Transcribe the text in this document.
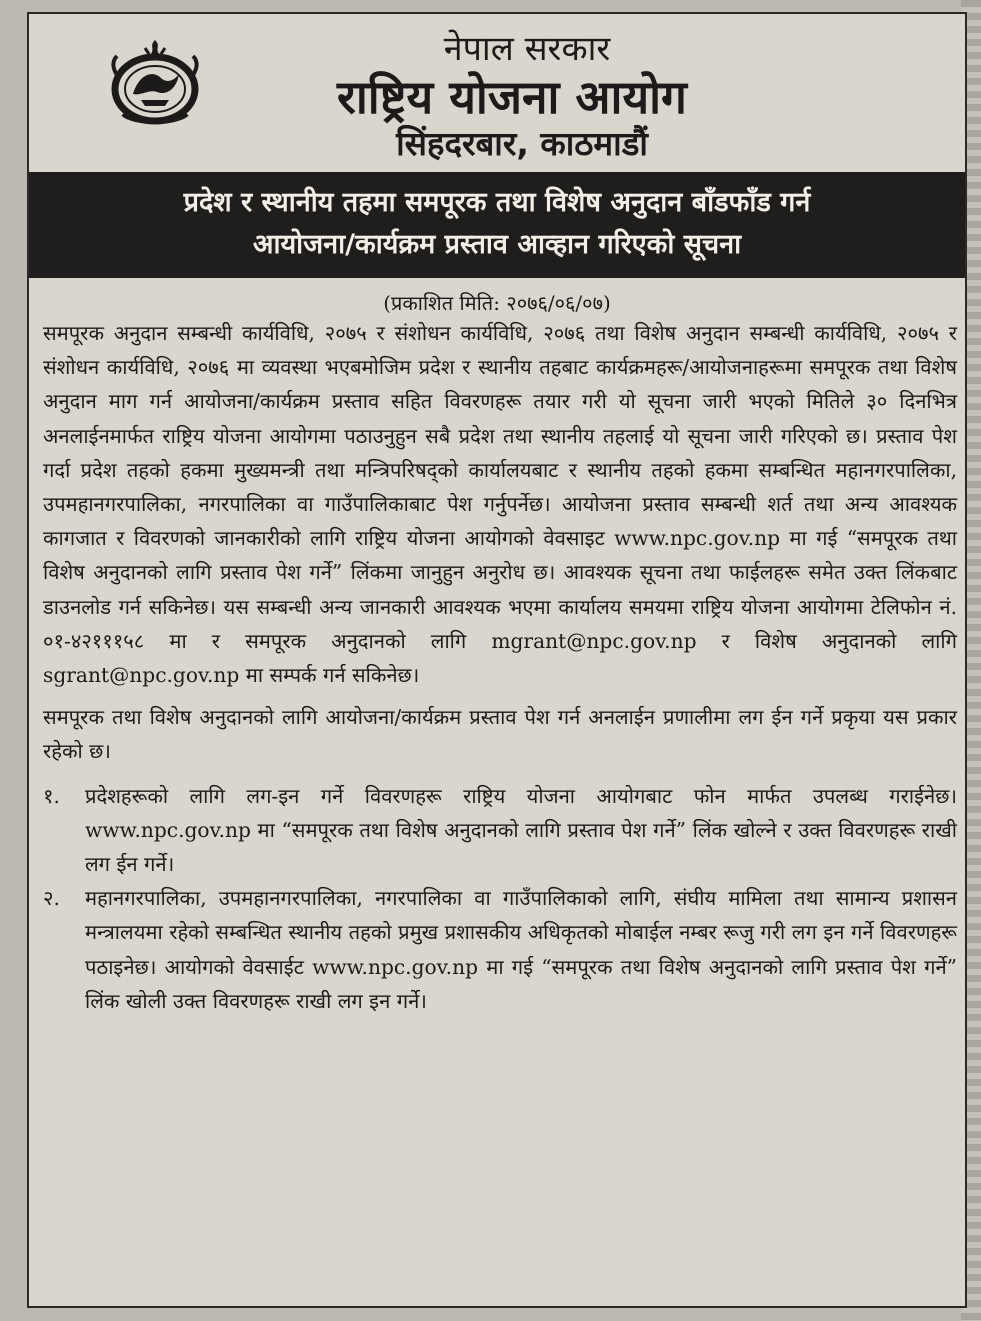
नेपाल सरकार
राष्ट्रिय योजना आयोग
सिंहदरबार, काठमाडौं
प्रदेश र स्थानीय तहमा समपूरक तथा विशेष अनुदान बाँडफाँड गर्न
आयोजना/कार्यक्रम प्रस्ताव आव्हान गरिएको सूचना
(प्रकाशित मिति: २०७६/०६/०७)

समपूरक अनुदान सम्बन्धी कार्यविधि, २०७५ र संशोधन कार्यविधि, २०७६ तथा विशेष अनुदान सम्बन्धी कार्यविधि, २०७५ र संशोधन कार्यविधि, २०७६ मा व्यवस्था भएबमोजिम प्रदेश र स्थानीय तहबाट कार्यक्रमहरू/आयोजनाहरूमा समपूरक तथा विशेष अनुदान माग गर्न आयोजना/कार्यक्रम प्रस्ताव सहित विवरणहरू तयार गरी यो सूचना जारी भएको मितिले ३० दिनभित्र अनलाईनमार्फत राष्ट्रिय योजना आयोगमा पठाउनुहुन सबै प्रदेश तथा स्थानीय तहलाई यो सूचना जारी गरिएको छ। प्रस्ताव पेश गर्दा प्रदेश तहको हकमा मुख्यमन्त्री तथा मन्त्रिपरिषद्को कार्यालयबाट र स्थानीय तहको हकमा सम्बन्धित महानगरपालिका, उपमहानगरपालिका, नगरपालिका वा गाउँपालिकाबाट पेश गर्नुपर्नेछ। आयोजना प्रस्ताव सम्बन्धी शर्त तथा अन्य आवश्यक कागजात र विवरणको जानकारीको लागि राष्ट्रिय योजना आयोगको वेवसाइट www.npc.gov.np मा गई “समपूरक तथा विशेष अनुदानको लागि प्रस्ताव पेश गर्ने” लिंकमा जानुहुन अनुरोध छ। आवश्यक सूचना तथा फाईलहरू समेत उक्त लिंकबाट डाउनलोड गर्न सकिनेछ। यस सम्बन्धी अन्य जानकारी आवश्यक भएमा कार्यालय समयमा राष्ट्रिय योजना आयोगमा टेलिफोन नं. ०१-४२१११५८ मा र समपूरक अनुदानको लागि mgrant@npc.gov.np र विशेष अनुदानको लागि sgrant@npc.gov.np मा सम्पर्क गर्न सकिनेछ।

समपूरक तथा विशेष अनुदानको लागि आयोजना/कार्यक्रम प्रस्ताव पेश गर्न अनलाईन प्रणालीमा लग ईन गर्ने प्रकृया यस प्रकार रहेको छ।

१.	प्रदेशहरूको लागि लग-इन गर्ने विवरणहरू राष्ट्रिय योजना आयोगबाट फोन मार्फत उपलब्ध गराईनेछ। www.npc.gov.np मा “समपूरक तथा विशेष अनुदानको लागि प्रस्ताव पेश गर्ने” लिंक खोल्ने र उक्त विवरणहरू राखी लग ईन गर्ने।
२.	महानगरपालिका, उपमहानगरपालिका, नगरपालिका वा गाउँपालिकाको लागि, संघीय मामिला तथा सामान्य प्रशासन मन्त्रालयमा रहेको सम्बन्धित स्थानीय तहको प्रमुख प्रशासकीय अधिकृतको मोबाईल नम्बर रूजु गरी लग इन गर्ने विवरणहरू पठाइनेछ। आयोगको वेवसाईट www.npc.gov.np मा गई “समपूरक तथा विशेष अनुदानको लागि प्रस्ताव पेश गर्ने” लिंक खोली उक्त विवरणहरू राखी लग इन गर्ने।
